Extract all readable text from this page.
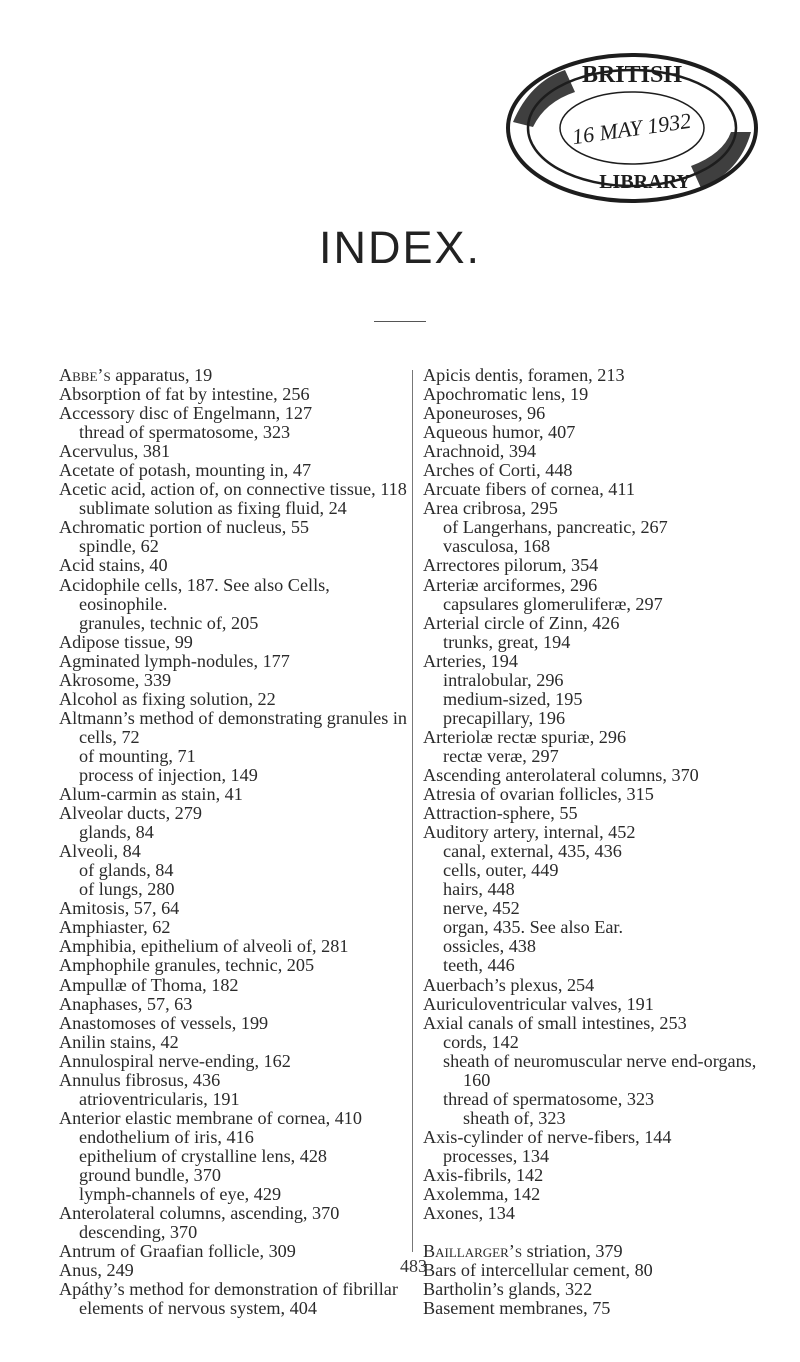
BRITISH
16 MAY 1932
LIBRARY
INDEX.

Abbe’s apparatus, 19

Absorption of fat by intestine, 256

Accessory disc of Engelmann, 127

thread of spermatosome, 323

Acervulus, 381

Acetate of potash, mounting in, 47

Acetic acid, action of, on connective tissue, 118

sublimate solution as fixing fluid, 24

Achromatic portion of nucleus, 55

spindle, 62

Acid stains, 40

Acidophile cells, 187. See also Cells, eosinophile.

granules, technic of, 205

Adipose tissue, 99

Agminated lymph-nodules, 177

Akrosome, 339

Alcohol as fixing solution, 22

Altmann’s method of demonstrating granules in cells, 72

of mounting, 71

process of injection, 149

Alum-carmin as stain, 41

Alveolar ducts, 279

glands, 84

Alveoli, 84

of glands, 84

of lungs, 280

Amitosis, 57, 64

Amphiaster, 62

Amphibia, epithelium of alveoli of, 281

Amphophile granules, technic, 205

Ampullæ of Thoma, 182

Anaphases, 57, 63

Anastomoses of vessels, 199

Anilin stains, 42

Annulospiral nerve-ending, 162

Annulus fibrosus, 436

atrioventricularis, 191

Anterior elastic membrane of cornea, 410

endothelium of iris, 416

epithelium of crystalline lens, 428

ground bundle, 370

lymph-channels of eye, 429

Anterolateral columns, ascending, 370

descending, 370

Antrum of Graafian follicle, 309

Anus, 249

Apáthy’s method for demonstration of fibrillar elements of nervous system, 404

Apicis dentis, foramen, 213

Apochromatic lens, 19

Aponeuroses, 96

Aqueous humor, 407

Arachnoid, 394

Arches of Corti, 448

Arcuate fibers of cornea, 411

Area cribrosa, 295

of Langerhans, pancreatic, 267

vasculosa, 168

Arrectores pilorum, 354

Arteriæ arciformes, 296

capsulares glomeruliferæ, 297

Arterial circle of Zinn, 426

trunks, great, 194

Arteries, 194

intralobular, 296

medium-sized, 195

precapillary, 196

Arteriolæ rectæ spuriæ, 296

rectæ veræ, 297

Ascending anterolateral columns, 370

Atresia of ovarian follicles, 315

Attraction-sphere, 55

Auditory artery, internal, 452

canal, external, 435, 436

cells, outer, 449

hairs, 448

nerve, 452

organ, 435. See also Ear.

ossicles, 438

teeth, 446

Auerbach’s plexus, 254

Auriculoventricular valves, 191

Axial canals of small intestines, 253

cords, 142

sheath of neuromuscular nerve end-organs, 160

thread of spermatosome, 323

sheath of, 323

Axis-cylinder of nerve-fibers, 144

processes, 134

Axis-fibrils, 142

Axolemma, 142

Axones, 134

Baillarger’s striation, 379

Bars of intercellular cement, 80

Bartholin’s glands, 322

Basement membranes, 75

483
